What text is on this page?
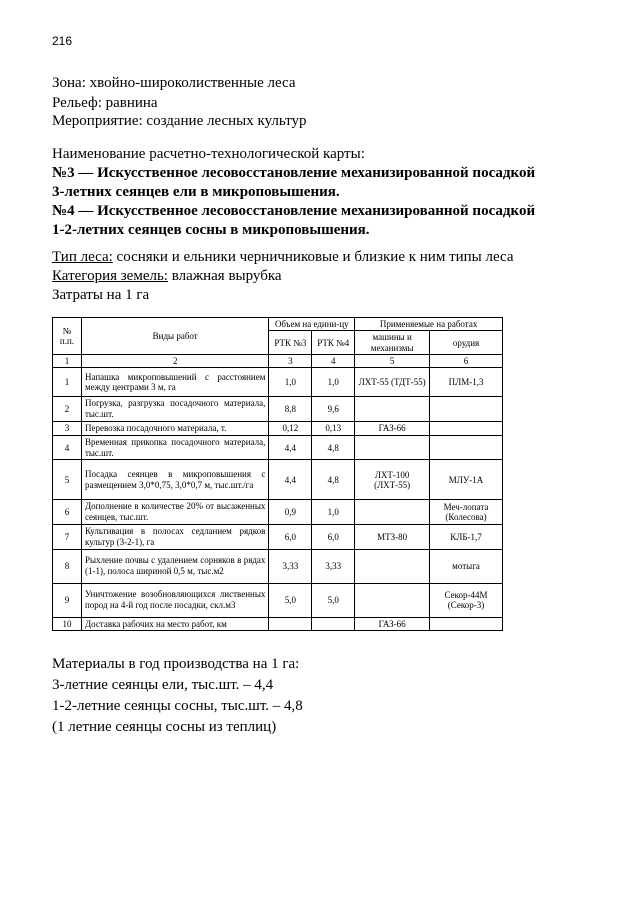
216
Зона: хвойно-широколиственные леса
Рельеф: равнина
Мероприятие: создание лесных культур
Наименование расчетно-технологической карты:
№3 — Искусственное лесовосстановление механизированной посадкой
3-летних сеянцев ели в микроповышения.
№4 — Искусственное лесовосстановление механизированной посадкой
1-2-летних сеянцев сосны в микроповышения.
Тип леса: сосняки и ельники черничниковые и близкие к ним типы леса
Категория земель: влажная вырубка
Затраты на 1 га
№ п.п.	Виды работ	Объем на едини-цу		Применяемые на работах	
		РТК №3	РТК №4	машины и механизмы	орудия
1	2	3	4	5	6
1	Напашка микроповышений с расстоянием между центрами 3 м, га	1,0	1,0	ЛХТ-55 (ТДТ-55)	ПЛМ-1,3
2	Погрузка, разгрузка посадочного материала, тыс.шт.	8,8	9,6		
3	Перевозка посадочного материала, т.	0,12	0,13	ГАЗ-66	
4	Временная прикопка посадочного материала, тыс.шт.	4,4	4,8		
5	Посадка сеянцев в микроповышения с размещением 3,0*0,75, 3,0*0,7 м, тыс.шт./га	4,4	4,8	ЛХТ-100 (ЛХТ-55)	МЛУ-1А
6	Дополнение в количестве 20% от высаженных сеянцев, тыс.шт.	0,9	1,0		Меч-лопата (Колесова)
7	Культивация в полосах седланием рядков культур (3-2-1), га	6,0	6,0	МТЗ-80	КЛБ-1,7
8	Рыхление почвы с удалением сорняков в рядах (1-1), полоса шириной 0,5 м, тыс.м2	3,33	3,33		мотыга
9	Уничтожение возобновляющихся лиственных пород на 4-й год после посадки, скл.м3	5,0	5,0		Секор-44М (Секор-3)
10	Доставка рабочих на место работ, км			ГАЗ-66	
Материалы в год производства на 1 га:
3-летние сеянцы ели, тыс.шт. – 4,4
1-2-летние сеянцы сосны, тыс.шт. – 4,8
(1 летние сеянцы сосны из теплиц)
